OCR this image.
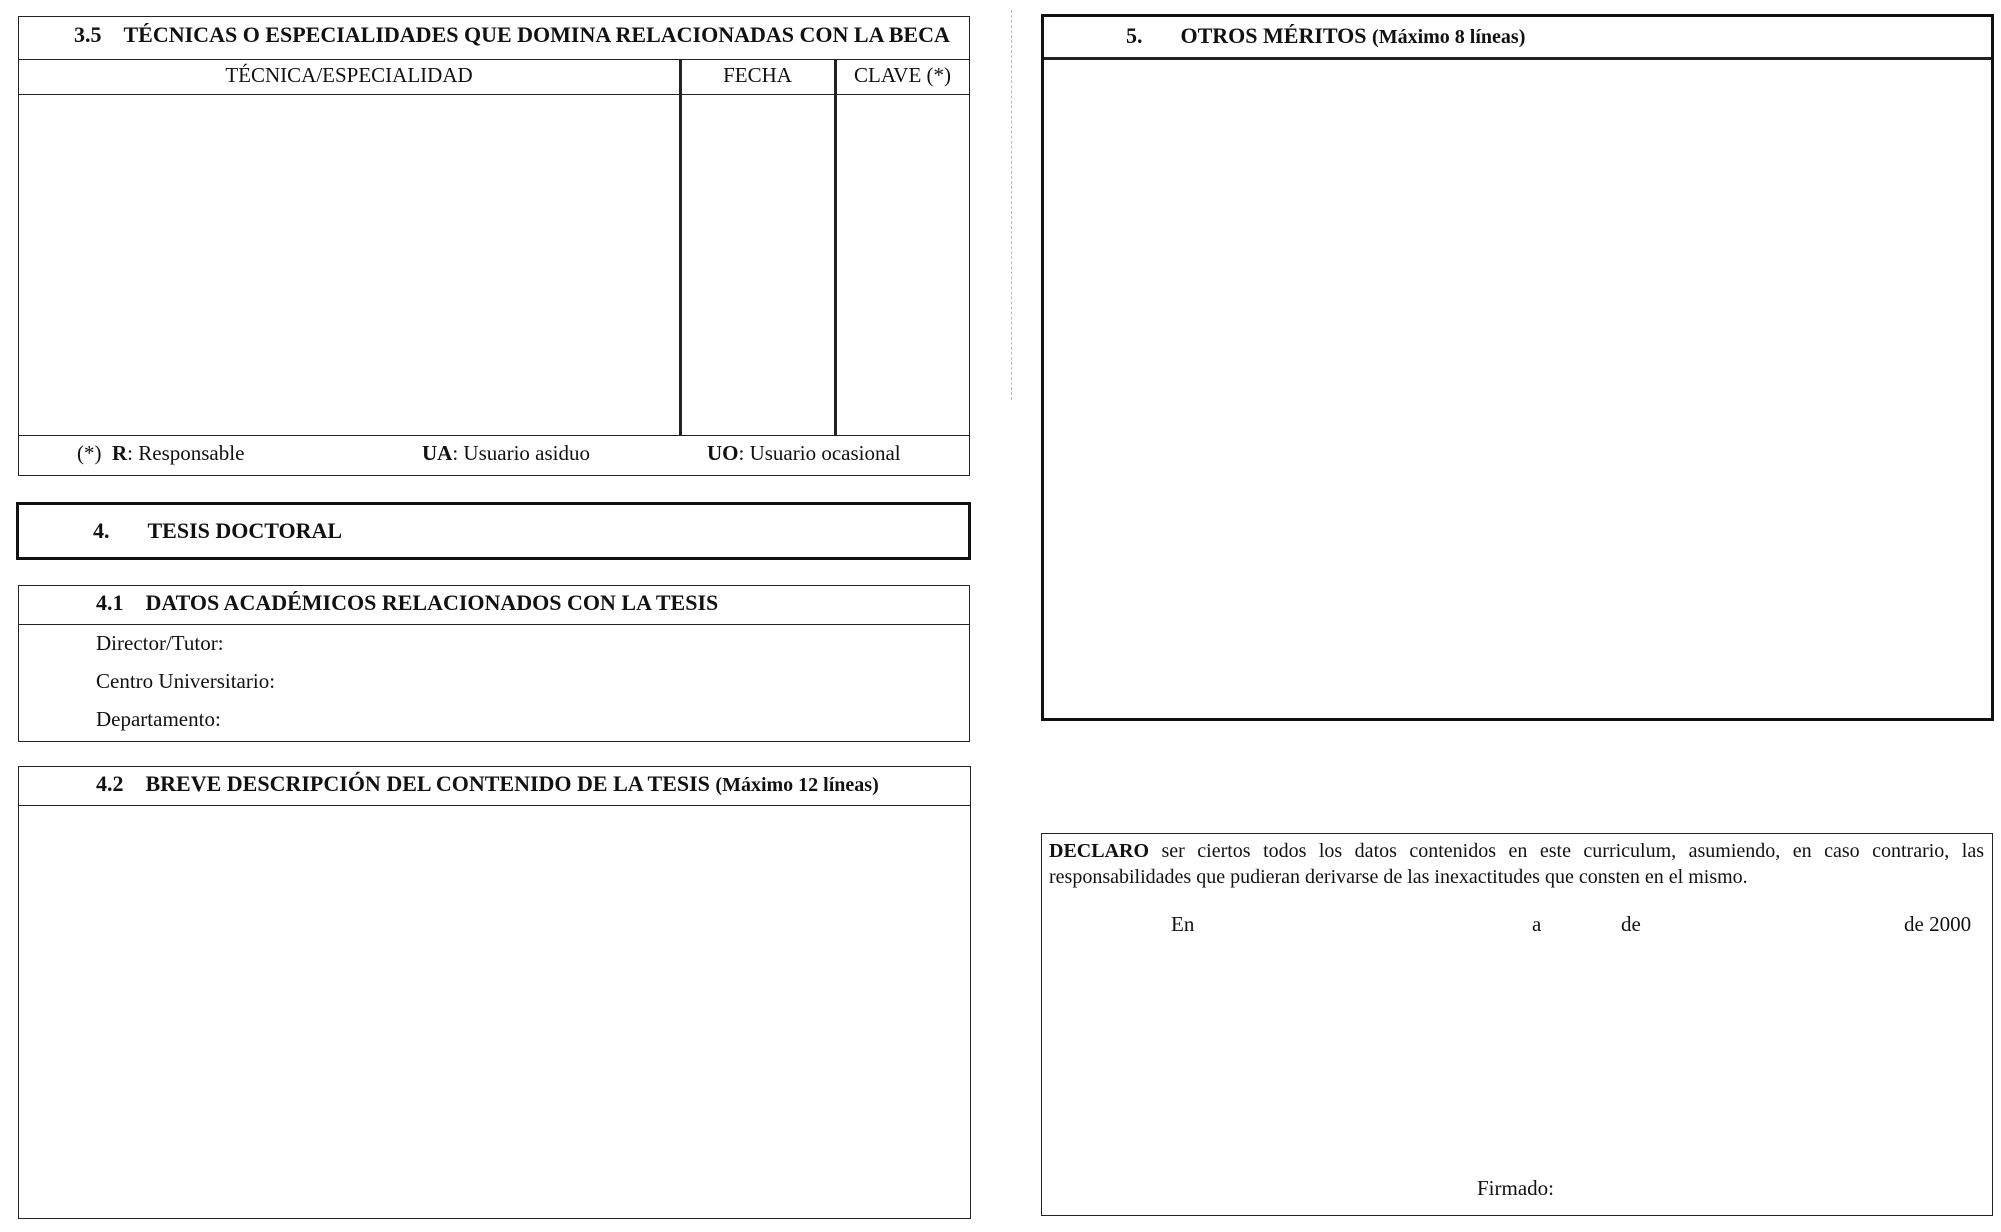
3.5 TÉCNICAS O ESPECIALIDADES QUE DOMINA RELACIONADAS CON LA BECA
TÉCNICA/ESPECIALIDAD	FECHA	CLAVE (*)
(*) R: Responsable	UA: Usuario asiduo	UO: Usuario ocasional
4. TESIS DOCTORAL
4.1 DATOS ACADÉMICOS RELACIONADOS CON LA TESIS
Director/Tutor:
Centro Universitario:
Departamento:
4.2 BREVE DESCRIPCIÓN DEL CONTENIDO DE LA TESIS (Máximo 12 líneas)
5. OTROS MÉRITOS (Máximo 8 líneas)
DECLARO ser ciertos todos los datos contenidos en este curriculum, asumiendo, en caso contrario, las responsabilidades que pudieran derivarse de las inexactitudes que consten en el mismo.
En	a	de	de 2000
Firmado:
